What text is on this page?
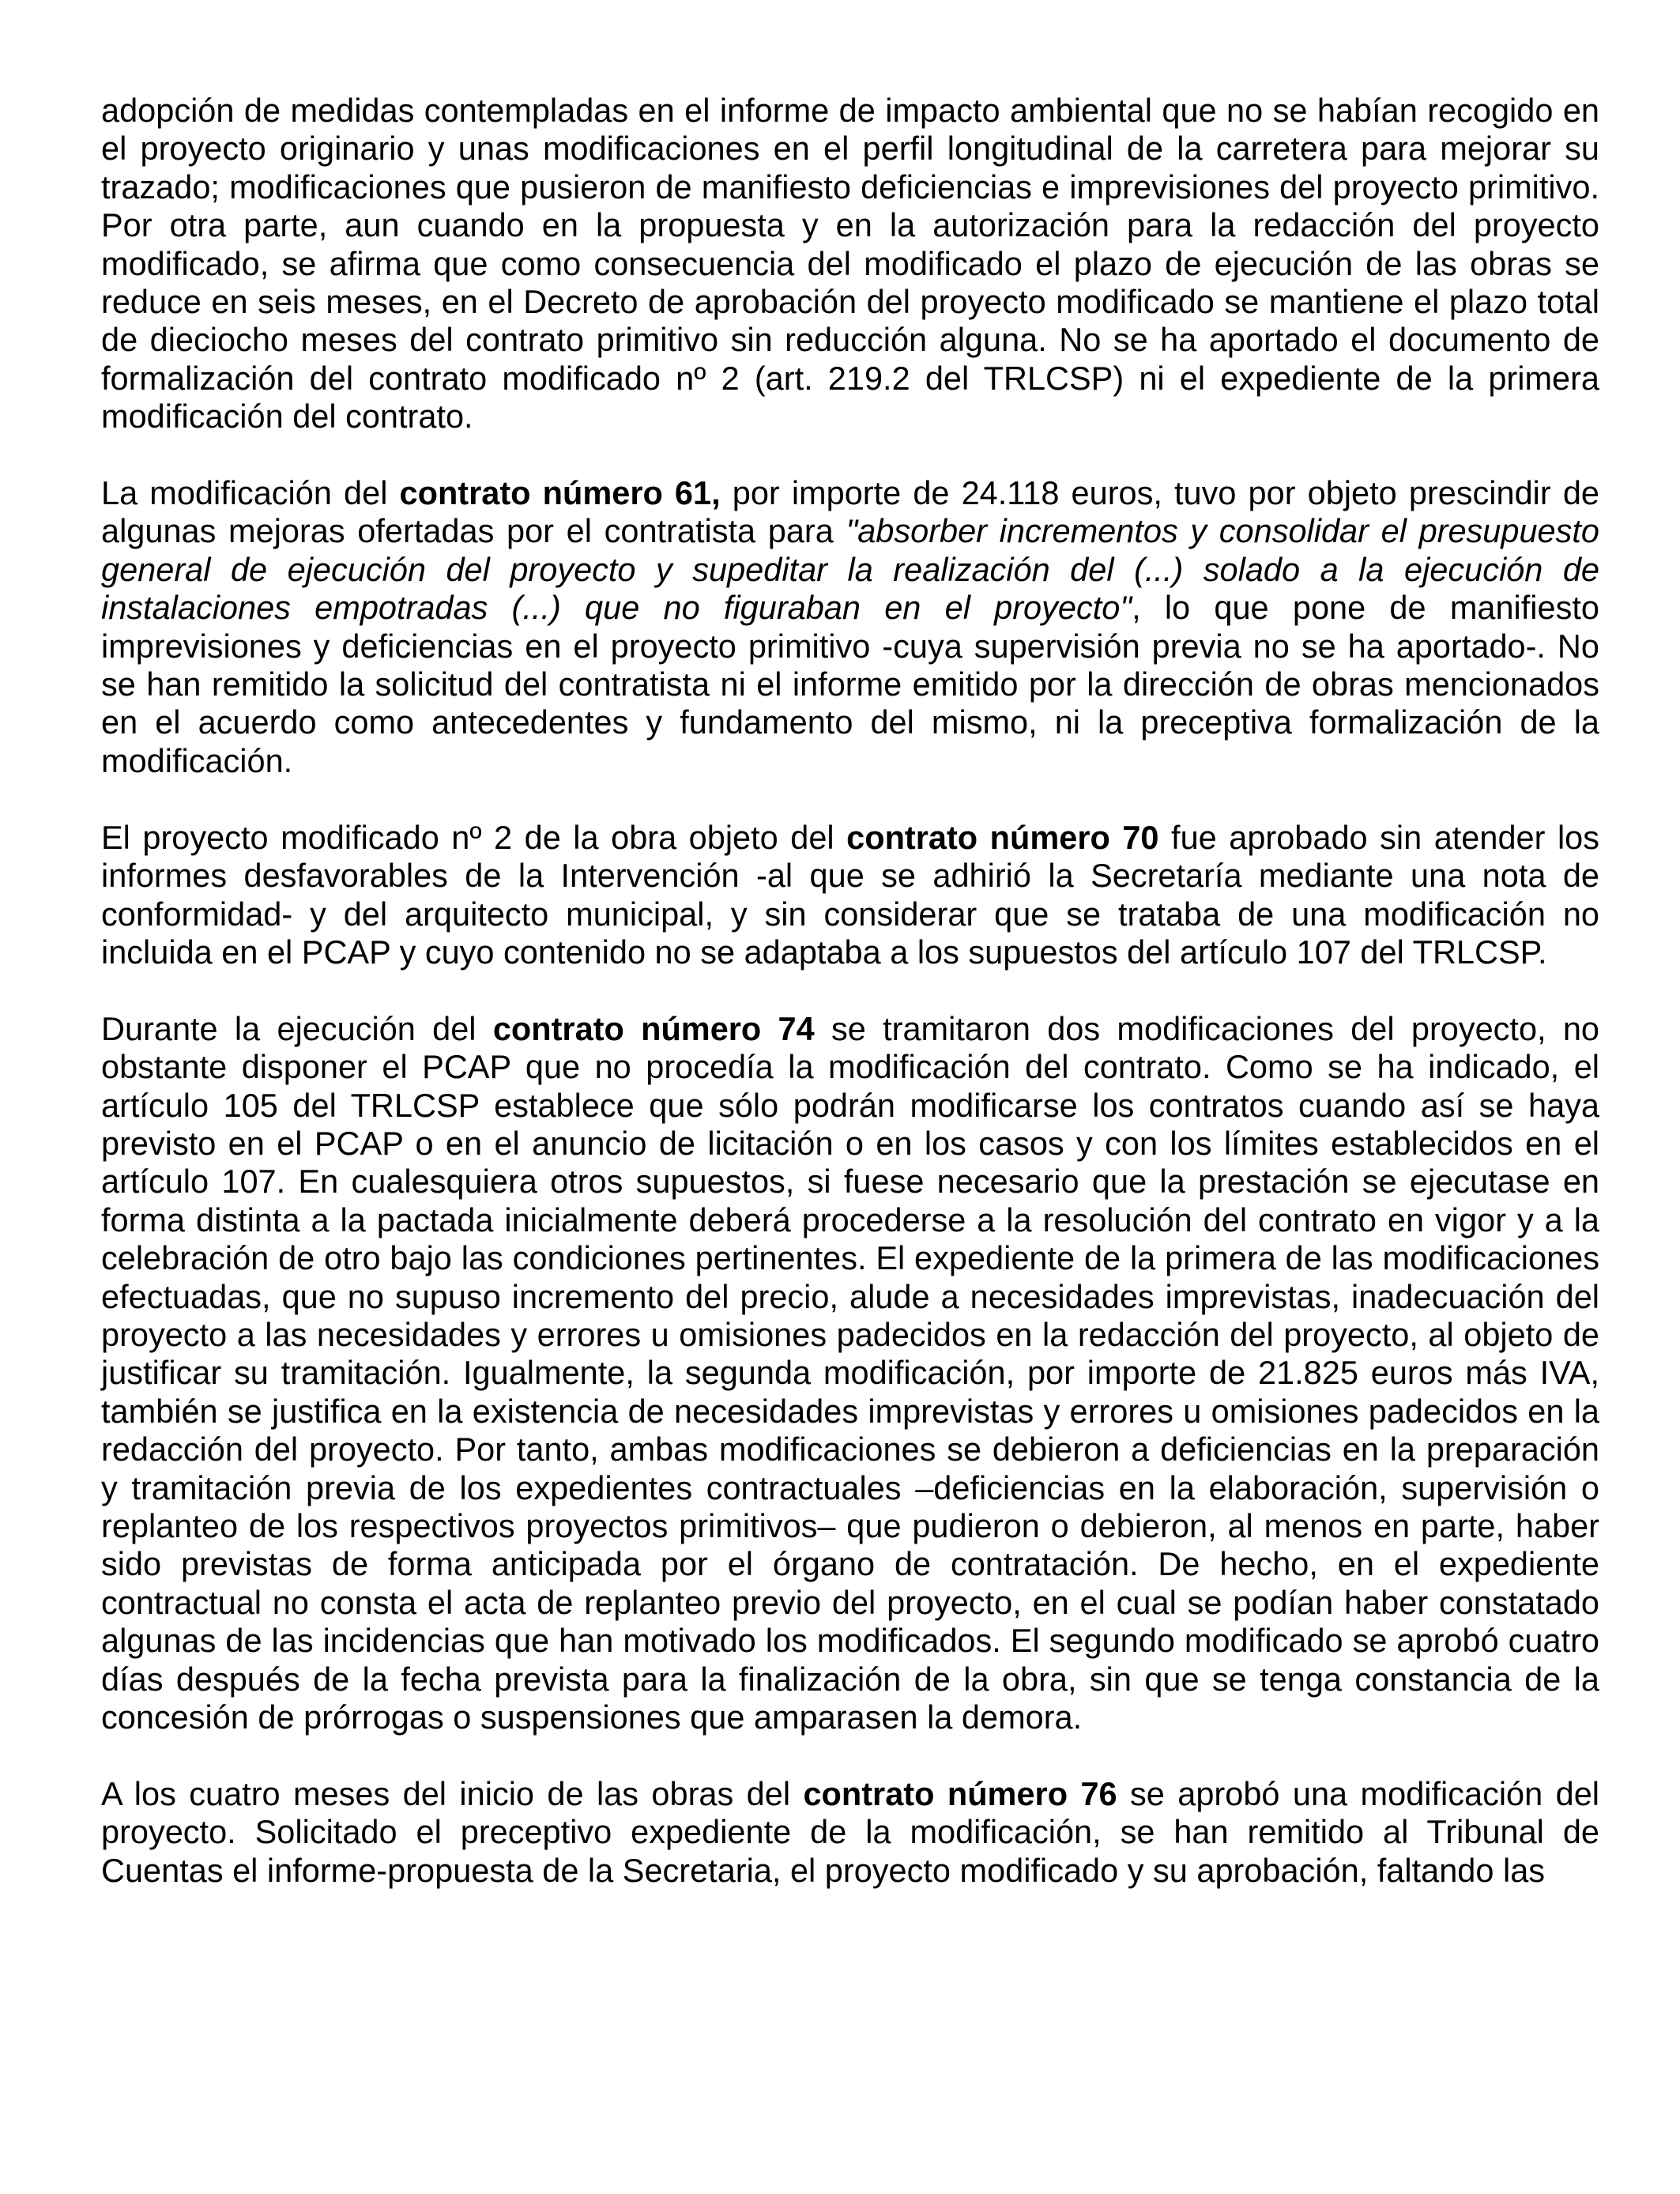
adopción de medidas contempladas en el informe de impacto ambiental que no se habían recogido en el proyecto originario y unas modificaciones en el perfil longitudinal de la carretera para mejorar su trazado; modificaciones que pusieron de manifiesto deficiencias e imprevisiones del proyecto primitivo. Por otra parte, aun cuando en la propuesta y en la autorización para la redacción del proyecto modificado, se afirma que como consecuencia del modificado el plazo de ejecución de las obras se reduce en seis meses, en el Decreto de aprobación del proyecto modificado se mantiene el plazo total de dieciocho meses del contrato primitivo sin reducción alguna. No se ha aportado el documento de formalización del contrato modificado nº 2 (art. 219.2 del TRLCSP) ni el expediente de la primera modificación del contrato.

La modificación del contrato número 61, por importe de 24.118 euros, tuvo por objeto prescindir de algunas mejoras ofertadas por el contratista para "absorber incrementos y consolidar el presupuesto general de ejecución del proyecto y supeditar la realización del (...) solado a la ejecución de instalaciones empotradas (...) que no figuraban en el proyecto", lo que pone de manifiesto imprevisiones y deficiencias en el proyecto primitivo -cuya supervisión previa no se ha aportado-. No se han remitido la solicitud del contratista ni el informe emitido por la dirección de obras mencionados en el acuerdo como antecedentes y fundamento del mismo, ni la preceptiva formalización de la modificación.

El proyecto modificado nº 2 de la obra objeto del contrato número 70 fue aprobado sin atender los informes desfavorables de la Intervención -al que se adhirió la Secretaría mediante una nota de conformidad- y del arquitecto municipal, y sin considerar que se trataba de una modificación no incluida en el PCAP y cuyo contenido no se adaptaba a los supuestos del artículo 107 del TRLCSP.

Durante la ejecución del contrato número 74 se tramitaron dos modificaciones del proyecto, no obstante disponer el PCAP que no procedía la modificación del contrato. Como se ha indicado, el artículo 105 del TRLCSP establece que sólo podrán modificarse los contratos cuando así se haya previsto en el PCAP o en el anuncio de licitación o en los casos y con los límites establecidos en el artículo 107. En cualesquiera otros supuestos, si fuese necesario que la prestación se ejecutase en forma distinta a la pactada inicialmente deberá procederse a la resolución del contrato en vigor y a la celebración de otro bajo las condiciones pertinentes. El expediente de la primera de las modificaciones efectuadas, que no supuso incremento del precio, alude a necesidades imprevistas, inadecuación del proyecto a las necesidades y errores u omisiones padecidos en la redacción del proyecto, al objeto de justificar su tramitación. Igualmente, la segunda modificación, por importe de 21.825 euros más IVA, también se justifica en la existencia de necesidades imprevistas y errores u omisiones padecidos en la redacción del proyecto. Por tanto, ambas modificaciones se debieron a deficiencias en la preparación y tramitación previa de los expedientes contractuales –deficiencias en la elaboración, supervisión o replanteo de los respectivos proyectos primitivos– que pudieron o debieron, al menos en parte, haber sido previstas de forma anticipada por el órgano de contratación. De hecho, en el expediente contractual no consta el acta de replanteo previo del proyecto, en el cual se podían haber constatado algunas de las incidencias que han motivado los modificados. El segundo modificado se aprobó cuatro días después de la fecha prevista para la finalización de la obra, sin que se tenga constancia de la concesión de prórrogas o suspensiones que amparasen la demora.

A los cuatro meses del inicio de las obras del contrato número 76 se aprobó una modificación del proyecto. Solicitado el preceptivo expediente de la modificación, se han remitido al Tribunal de Cuentas el informe-propuesta de la Secretaria, el proyecto modificado y su aprobación, faltando las
